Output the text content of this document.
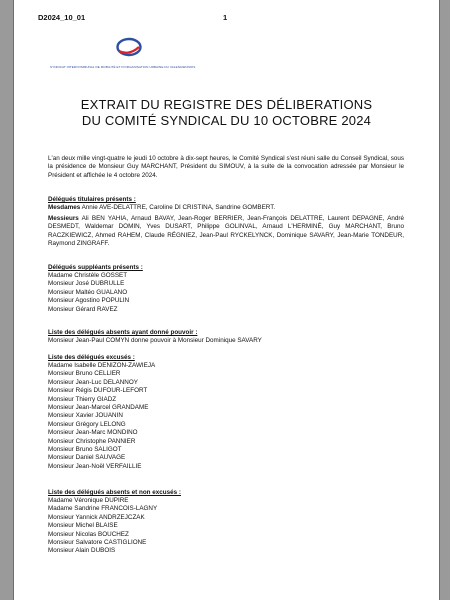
D2024_10_01	1
SYNDICAT INTERCOMMUNAL DE MOBILITÉ ET D'ORGANISATION URBAINE DU VALENCIENNOIS
EXTRAIT DU REGISTRE DES DÉLIBERATIONS
DU COMITÉ SYNDICAL DU 10 OCTOBRE 2024
L'an deux mille vingt-quatre le jeudi 10 octobre à dix-sept heures, le Comité Syndical s'est réuni salle du Conseil Syndical, sous la présidence de Monsieur Guy MARCHANT, Président du SIMOUV, à la suite de la convocation adressée par Monsieur le Président et affichée le 4 octobre 2024.
Délégués titulaires présents :
Mesdames Annie AVE-DELATTRE, Caroline DI CRISTINA, Sandrine GOMBERT.
Messieurs Ali BEN YAHIA, Arnaud BAVAY, Jean-Roger BERRIER, Jean-François DELATTRE, Laurent DEPAGNE, André DESMEDT, Waldemar DOMIN, Yves DUSART, Philippe GOLINVAL, Arnaud L'HERMINÉ, Guy MARCHANT, Bruno RACZKIEWICZ, Ahmed RAHEM, Claude RÉGNIEZ, Jean-Paul RYCKELYNCK, Dominique SAVARY, Jean-Marie TONDEUR, Raymond ZINGRAFF.
Délégués suppléants présents :
Madame Christèle GOSSET
Monsieur José DUBRULLE
Monsieur Maltéo GUALANO
Monsieur Agostino POPULIN
Monsieur Gérard RAVEZ
Liste des délégués absents ayant donné pouvoir :
Monsieur Jean-Paul COMYN donne pouvoir à Monsieur Dominique SAVARY
Liste des délégués excusés :
Madame Isabelle DENIZON-ZAWIEJA
Monsieur Bruno CELLIER
Monsieur Jean-Luc DELANNOY
Monsieur Régis DUFOUR-LEFORT
Monsieur Thierry GIADZ
Monsieur Jean-Marcel GRANDAME
Monsieur Xavier JOUANIN
Monsieur Grégory LELONG
Monsieur Jean-Marc MONDINO
Monsieur Christophe PANNIER
Monsieur Bruno SALIGOT
Monsieur Daniel SAUVAGE
Monsieur Jean-Noël VERFAILLIE
Liste des délégués absents et non excusés :
Madame Véronique DUPIRE
Madame Sandrine FRANCOIS-LAGNY
Monsieur Yannick ANDRZEJCZAK
Monsieur Michel BLAISE
Monsieur Nicolas BOUCHEZ
Monsieur Salvatore CASTIGLIONE
Monsieur Alain DUBOIS
